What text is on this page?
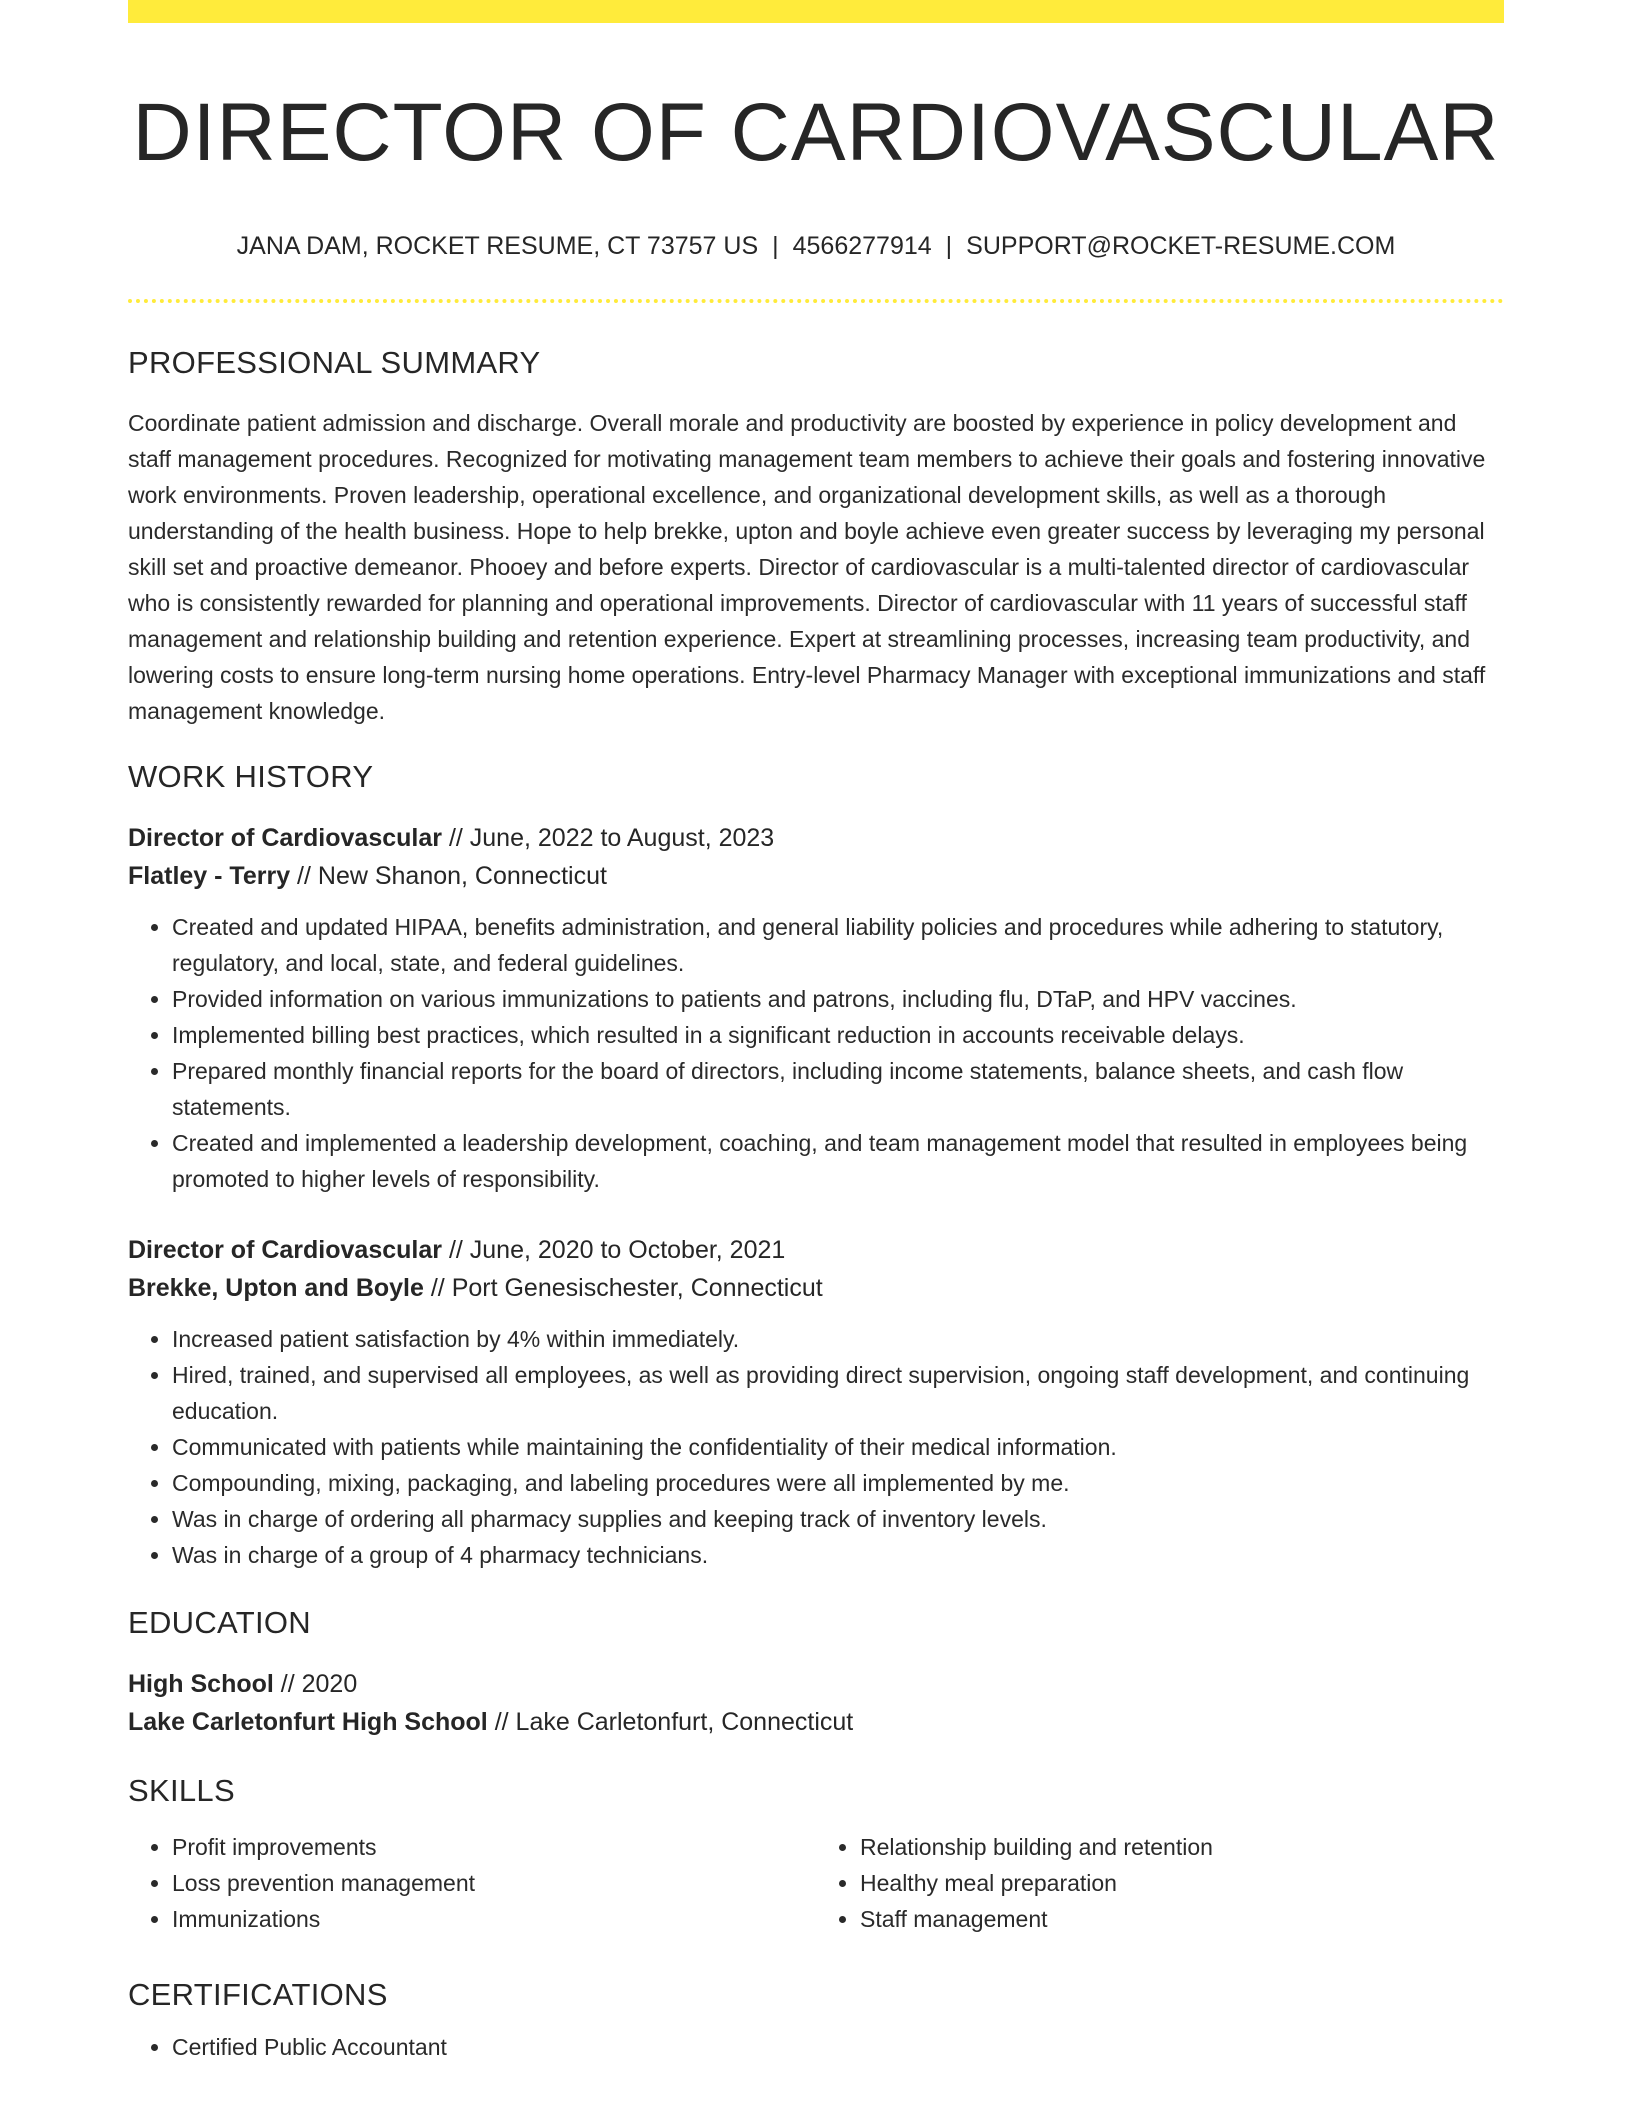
DIRECTOR OF CARDIOVASCULAR
JANA DAM, ROCKET RESUME, CT 73757 US | 4566277914 | SUPPORT@ROCKET-RESUME.COM
PROFESSIONAL SUMMARY
Coordinate patient admission and discharge. Overall morale and productivity are boosted by experience in policy development and staff management procedures. Recognized for motivating management team members to achieve their goals and fostering innovative work environments. Proven leadership, operational excellence, and organizational development skills, as well as a thorough understanding of the health business. Hope to help brekke, upton and boyle achieve even greater success by leveraging my personal skill set and proactive demeanor. Phooey and before experts. Director of cardiovascular is a multi-talented director of cardiovascular who is consistently rewarded for planning and operational improvements. Director of cardiovascular with 11 years of successful staff management and relationship building and retention experience. Expert at streamlining processes, increasing team productivity, and lowering costs to ensure long-term nursing home operations. Entry-level Pharmacy Manager with exceptional immunizations and staff management knowledge.
WORK HISTORY
Director of Cardiovascular // June, 2022 to August, 2023
Flatley - Terry // New Shanon, Connecticut
• Created and updated HIPAA, benefits administration, and general liability policies and procedures while adhering to statutory, regulatory, and local, state, and federal guidelines.
• Provided information on various immunizations to patients and patrons, including flu, DTaP, and HPV vaccines.
• Implemented billing best practices, which resulted in a significant reduction in accounts receivable delays.
• Prepared monthly financial reports for the board of directors, including income statements, balance sheets, and cash flow statements.
• Created and implemented a leadership development, coaching, and team management model that resulted in employees being promoted to higher levels of responsibility.
Director of Cardiovascular // June, 2020 to October, 2021
Brekke, Upton and Boyle // Port Genesischester, Connecticut
• Increased patient satisfaction by 4% within immediately.
• Hired, trained, and supervised all employees, as well as providing direct supervision, ongoing staff development, and continuing education.
• Communicated with patients while maintaining the confidentiality of their medical information.
• Compounding, mixing, packaging, and labeling procedures were all implemented by me.
• Was in charge of ordering all pharmacy supplies and keeping track of inventory levels.
• Was in charge of a group of 4 pharmacy technicians.
EDUCATION
High School // 2020
Lake Carletonfurt High School // Lake Carletonfurt, Connecticut
SKILLS
• Profit improvements
• Loss prevention management
• Immunizations
• Relationship building and retention
• Healthy meal preparation
• Staff management
CERTIFICATIONS
• Certified Public Accountant
